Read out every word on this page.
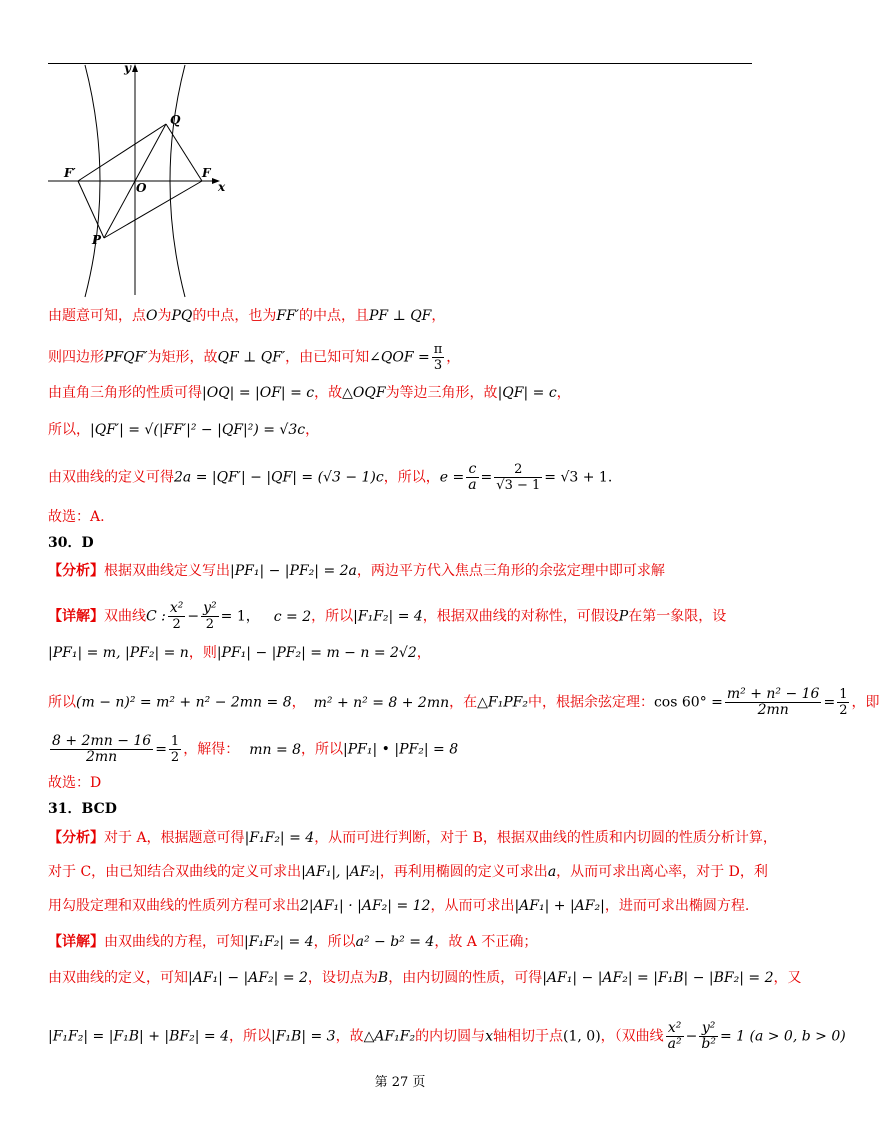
y
Q
F′
O
F
x
P
由题意可知，点O为PQ的中点，也为FF′的中点，且PF ⊥ QF，
则四边形PFQF′为矩形，故QF ⊥ QF′，由已知可知∠QOF = $\frac{\pi}{3}$ ，
由直角三角形的性质可得|OQ| = |OF| = c，故△OQF为等边三角形，故|QF| = c，
所以，|QF′| = √(|FF′|² − |QF|²) = √3c，
由双曲线的定义可得2a = |QF′| − |QF| = (√3 − 1)c，所以，$e = \frac{c}{a} = \frac{2}{√3 - 1} = √3 + 1$.
故选：A.
30．D
【分析】根据双曲线定义写出|PF₁| − |PF₂| = 2a，两边平方代入焦点三角形的余弦定理中即可求解
【详解】双曲线C : $\frac{\text{x²}}{2} - \frac{\text{y²}}{2} = 1$， c = 2，所以|F₁F₂| = 4，根据双曲线的对称性，可假设P在第一象限，设
|PF₁| = m, |PF₂| = n，则|PF₁| − |PF₂| = m − n = 2√2，
所以(m − n)² = m² + n² − 2mn = 8， m² + n² = 8 + 2mn，在△F₁PF₂中，根据余弦定理：$\cos 60^\circ = \frac{\text{m² + n² − 16}}{2mn} = \frac{1}{2}$ ，即
$\frac{8 + 2mn - 16}{2mn} = \frac{1}{2}$ ，解得： mn = 8，所以|PF₁| • |PF₂| = 8
故选：D
31．BCD
【分析】对于 A，根据题意可得|F₁F₂| = 4，从而可进行判断，对于 B，根据双曲线的性质和内切圆的性质分析计算，
对于 C，由已知结合双曲线的定义可求出|AF₁|, |AF₂|，再利用椭圆的定义可求出a，从而可求出离心率，对于 D，利
用勾股定理和双曲线的性质列方程可求出2|AF₁| · |AF₂| = 12，从而可求出|AF₁| + |AF₂|，进而可求出椭圆方程.
【详解】由双曲线的方程，可知|F₁F₂| = 4，所以a² − b² = 4，故 A 不正确；
由双曲线的定义，可知|AF₁| − |AF₂| = 2，设切点为B，由内切圆的性质，可得|AF₁| − |AF₂| = |F₁B| − |BF₂| = 2，又
|F₁F₂| = |F₁B| + |BF₂| = 4，所以|F₁B| = 3，故△AF₁F₂的内切圆与x轴相切于点(1, 0)，（双曲线 $\frac{\text{x²}}{\text{a²}} - \frac{\text{y²}}{\text{b²}} = 1$ (a > 0, b > 0)
第 27 页
